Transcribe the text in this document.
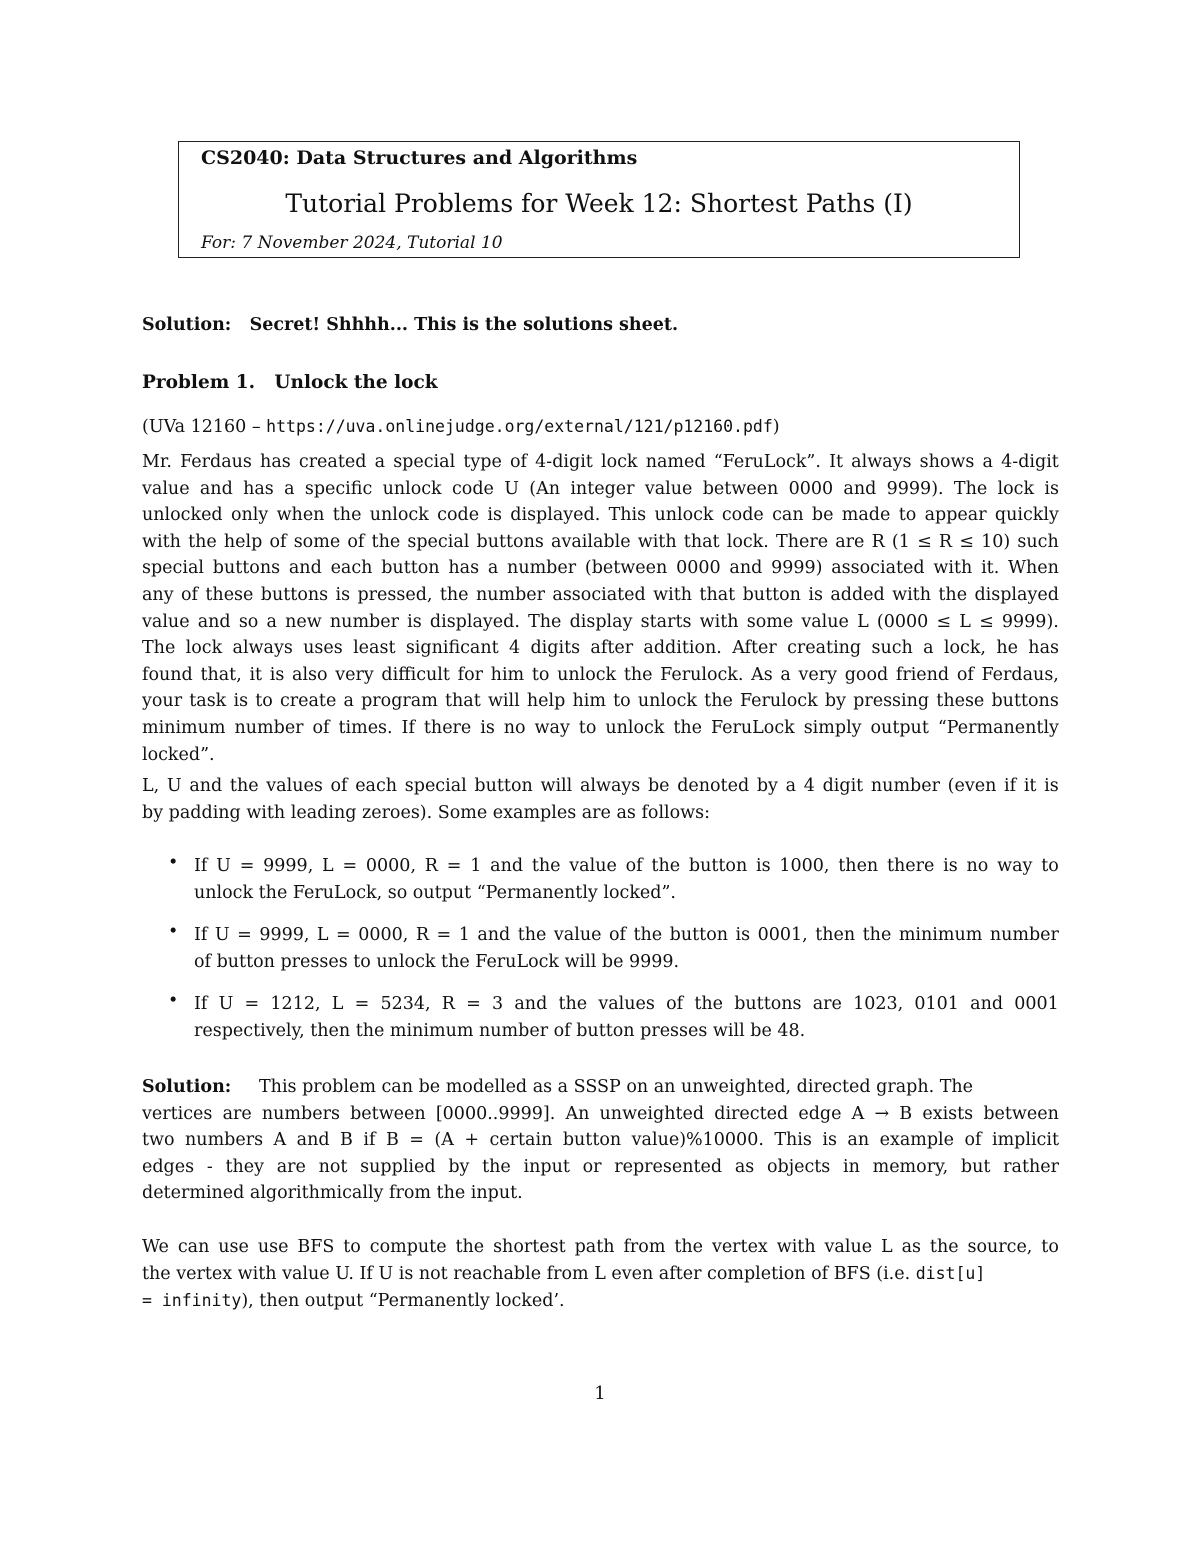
CS2040: Data Structures and Algorithms
Tutorial Problems for Week 12: Shortest Paths (I)
For: 7 November 2024, Tutorial 10
Solution: Secret! Shhhh... This is the solutions sheet.
Problem 1. Unlock the lock
(UVa 12160 – https://uva.onlinejudge.org/external/121/p12160.pdf)
Mr. Ferdaus has created a special type of 4-digit lock named “FeruLock”. It always shows a 4-digit
value and has a specific unlock code U (An integer value between 0000 and 9999). The lock is
unlocked only when the unlock code is displayed. This unlock code can be made to appear quickly
with the help of some of the special buttons available with that lock. There are R (1 ≤ R ≤ 10) such
special buttons and each button has a number (between 0000 and 9999) associated with it. When
any of these buttons is pressed, the number associated with that button is added with the displayed
value and so a new number is displayed. The display starts with some value L (0000 ≤ L ≤ 9999).
The lock always uses least significant 4 digits after addition. After creating such a lock, he has
found that, it is also very difficult for him to unlock the Ferulock. As a very good friend of Ferdaus,
your task is to create a program that will help him to unlock the Ferulock by pressing these buttons
minimum number of times. If there is no way to unlock the FeruLock simply output “Permanently
locked”.
L, U and the values of each special button will always be denoted by a 4 digit number (even if it is
by padding with leading zeroes). Some examples are as follows:
• If U = 9999, L = 0000, R = 1 and the value of the button is 1000, then there is no way to
unlock the FeruLock, so output “Permanently locked”.
• If U = 9999, L = 0000, R = 1 and the value of the button is 0001, then the minimum number
of button presses to unlock the FeruLock will be 9999.
• If U = 1212, L = 5234, R = 3 and the values of the buttons are 1023, 0101 and 0001
respectively, then the minimum number of button presses will be 48.
Solution: This problem can be modelled as a SSSP on an unweighted, directed graph. The
vertices are numbers between [0000..9999]. An unweighted directed edge A → B exists between
two numbers A and B if B = (A + certain button value)%10000. This is an example of implicit
edges - they are not supplied by the input or represented as objects in memory, but rather
determined algorithmically from the input.
We can use use BFS to compute the shortest path from the vertex with value L as the source, to
the vertex with value U. If U is not reachable from L even after completion of BFS (i.e. dist[u]
= infinity), then output “Permanently locked’.
1
